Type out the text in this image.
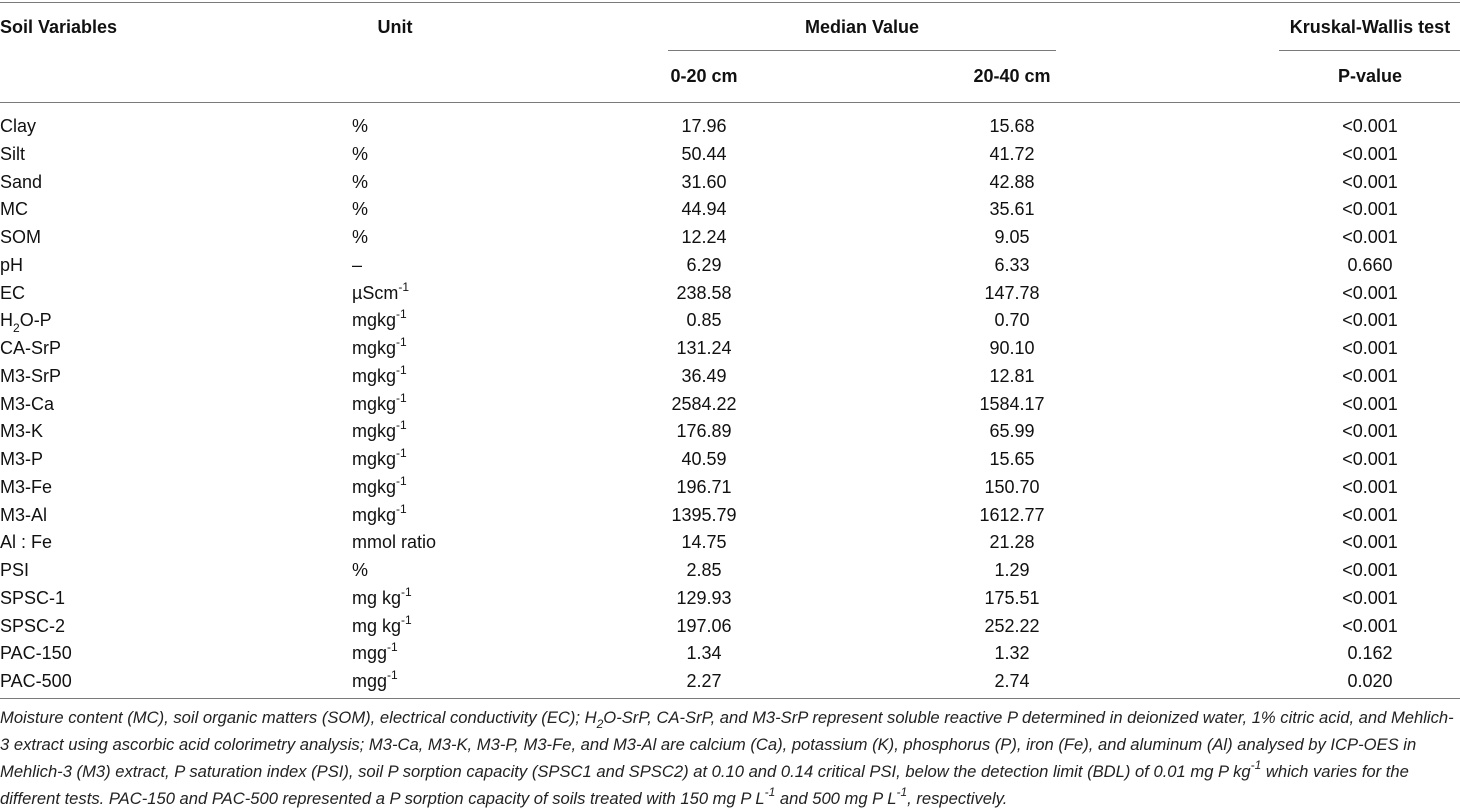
Soil Variables	Unit	Median Value	Kruskal-Wallis test
0-20 cm	20-40 cm	P-value
Clay	%	17.96	15.68	<0.001
Silt	%	50.44	41.72	<0.001
Sand	%	31.60	42.88	<0.001
MC	%	44.94	35.61	<0.001
SOM	%	12.24	9.05	<0.001
pH	–	6.29	6.33	0.660
EC	µScm$^{-1}$	238.58	147.78	<0.001
$H_2O-P$	mgkg$^{-1}$	0.85	0.70	<0.001
CA-SrP	mgkg$^{-1}$	131.24	90.10	<0.001
M3-SrP	mgkg$^{-1}$	36.49	12.81	<0.001
M3-Ca	mgkg$^{-1}$	2584.22	1584.17	<0.001
M3-K	mgkg$^{-1}$	176.89	65.99	<0.001
M3-P	mgkg$^{-1}$	40.59	15.65	<0.001
M3-Fe	mgkg$^{-1}$	196.71	150.70	<0.001
M3-Al	mgkg$^{-1}$	1395.79	1612.77	<0.001
Al : Fe	mmol ratio	14.75	21.28	<0.001
PSI	%	2.85	1.29	<0.001
SPSC-1	mg $kg^{-1}$	129.93	175.51	<0.001
SPSC-2	mg $kg^{-1}$	197.06	252.22	<0.001
PAC-150	mgg$^{-1}$	1.34	1.32	0.162
PAC-500	mgg$^{-1}$	2.27	2.74	0.020
Moisture content (MC), soil organic matters (SOM), electrical conductivity (EC); $H_2O$-SrP, CA-SrP, and M3-SrP represent soluble reactive P determined in deionized water, 1% citric acid, and Mehlich-3 extract using ascorbic acid colorimetry analysis; M3-Ca, M3-K, M3-P, M3-Fe, and M3-Al are calcium (Ca), potassium (K), phosphorus (P), iron (Fe), and aluminum (Al) analysed by ICP-OES in Mehlich-3 (M3) extract, P saturation index (PSI), soil P sorption capacity (SPSC1 and SPSC2) at 0.10 and 0.14 critical PSI, below the detection limit (BDL) of 0.01 mg P $kg^{-1}$ which varies for the different tests. PAC-150 and PAC-500 represented a P sorption capacity of soils treated with 150 mg P $L^{-1}$ and 500 mg P $L^{-1}$, respectively.
